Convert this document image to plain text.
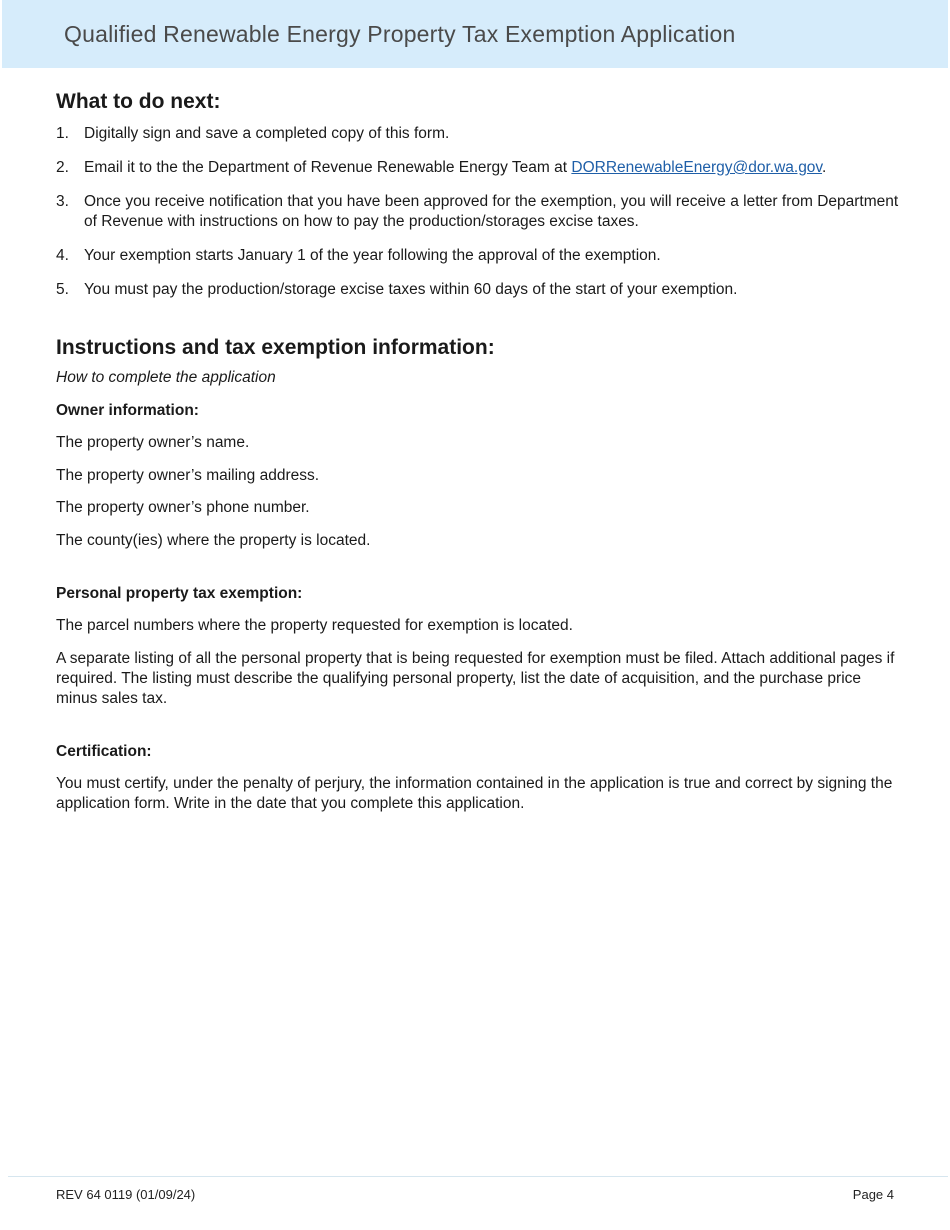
Qualified Renewable Energy Property Tax Exemption Application
What to do next:
1. Digitally sign and save a completed copy of this form.
2. Email it to the the Department of Revenue Renewable Energy Team at DORRenewableEnergy@dor.wa.gov.
3. Once you receive notification that you have been approved for the exemption, you will receive a letter from Department of Revenue with instructions on how to pay the production/storages excise taxes.
4. Your exemption starts January 1 of the year following the approval of the exemption.
5. You must pay the production/storage excise taxes within 60 days of the start of your exemption.
Instructions and tax exemption information:

How to complete the application

Owner information:

The property owner’s name.

The property owner’s mailing address.

The property owner’s phone number.

The county(ies) where the property is located.

Personal property tax exemption:

The parcel numbers where the property requested for exemption is located.

A separate listing of all the personal property that is being requested for exemption must be filed. Attach additional pages if required. The listing must describe the qualifying personal property, list the date of acquisition, and the purchase price minus sales tax.

Certification:

You must certify, under the penalty of perjury, the information contained in the application is true and correct by signing the application form. Write in the date that you complete this application.

REV 64 0119 (01/09/24)	Page 4
